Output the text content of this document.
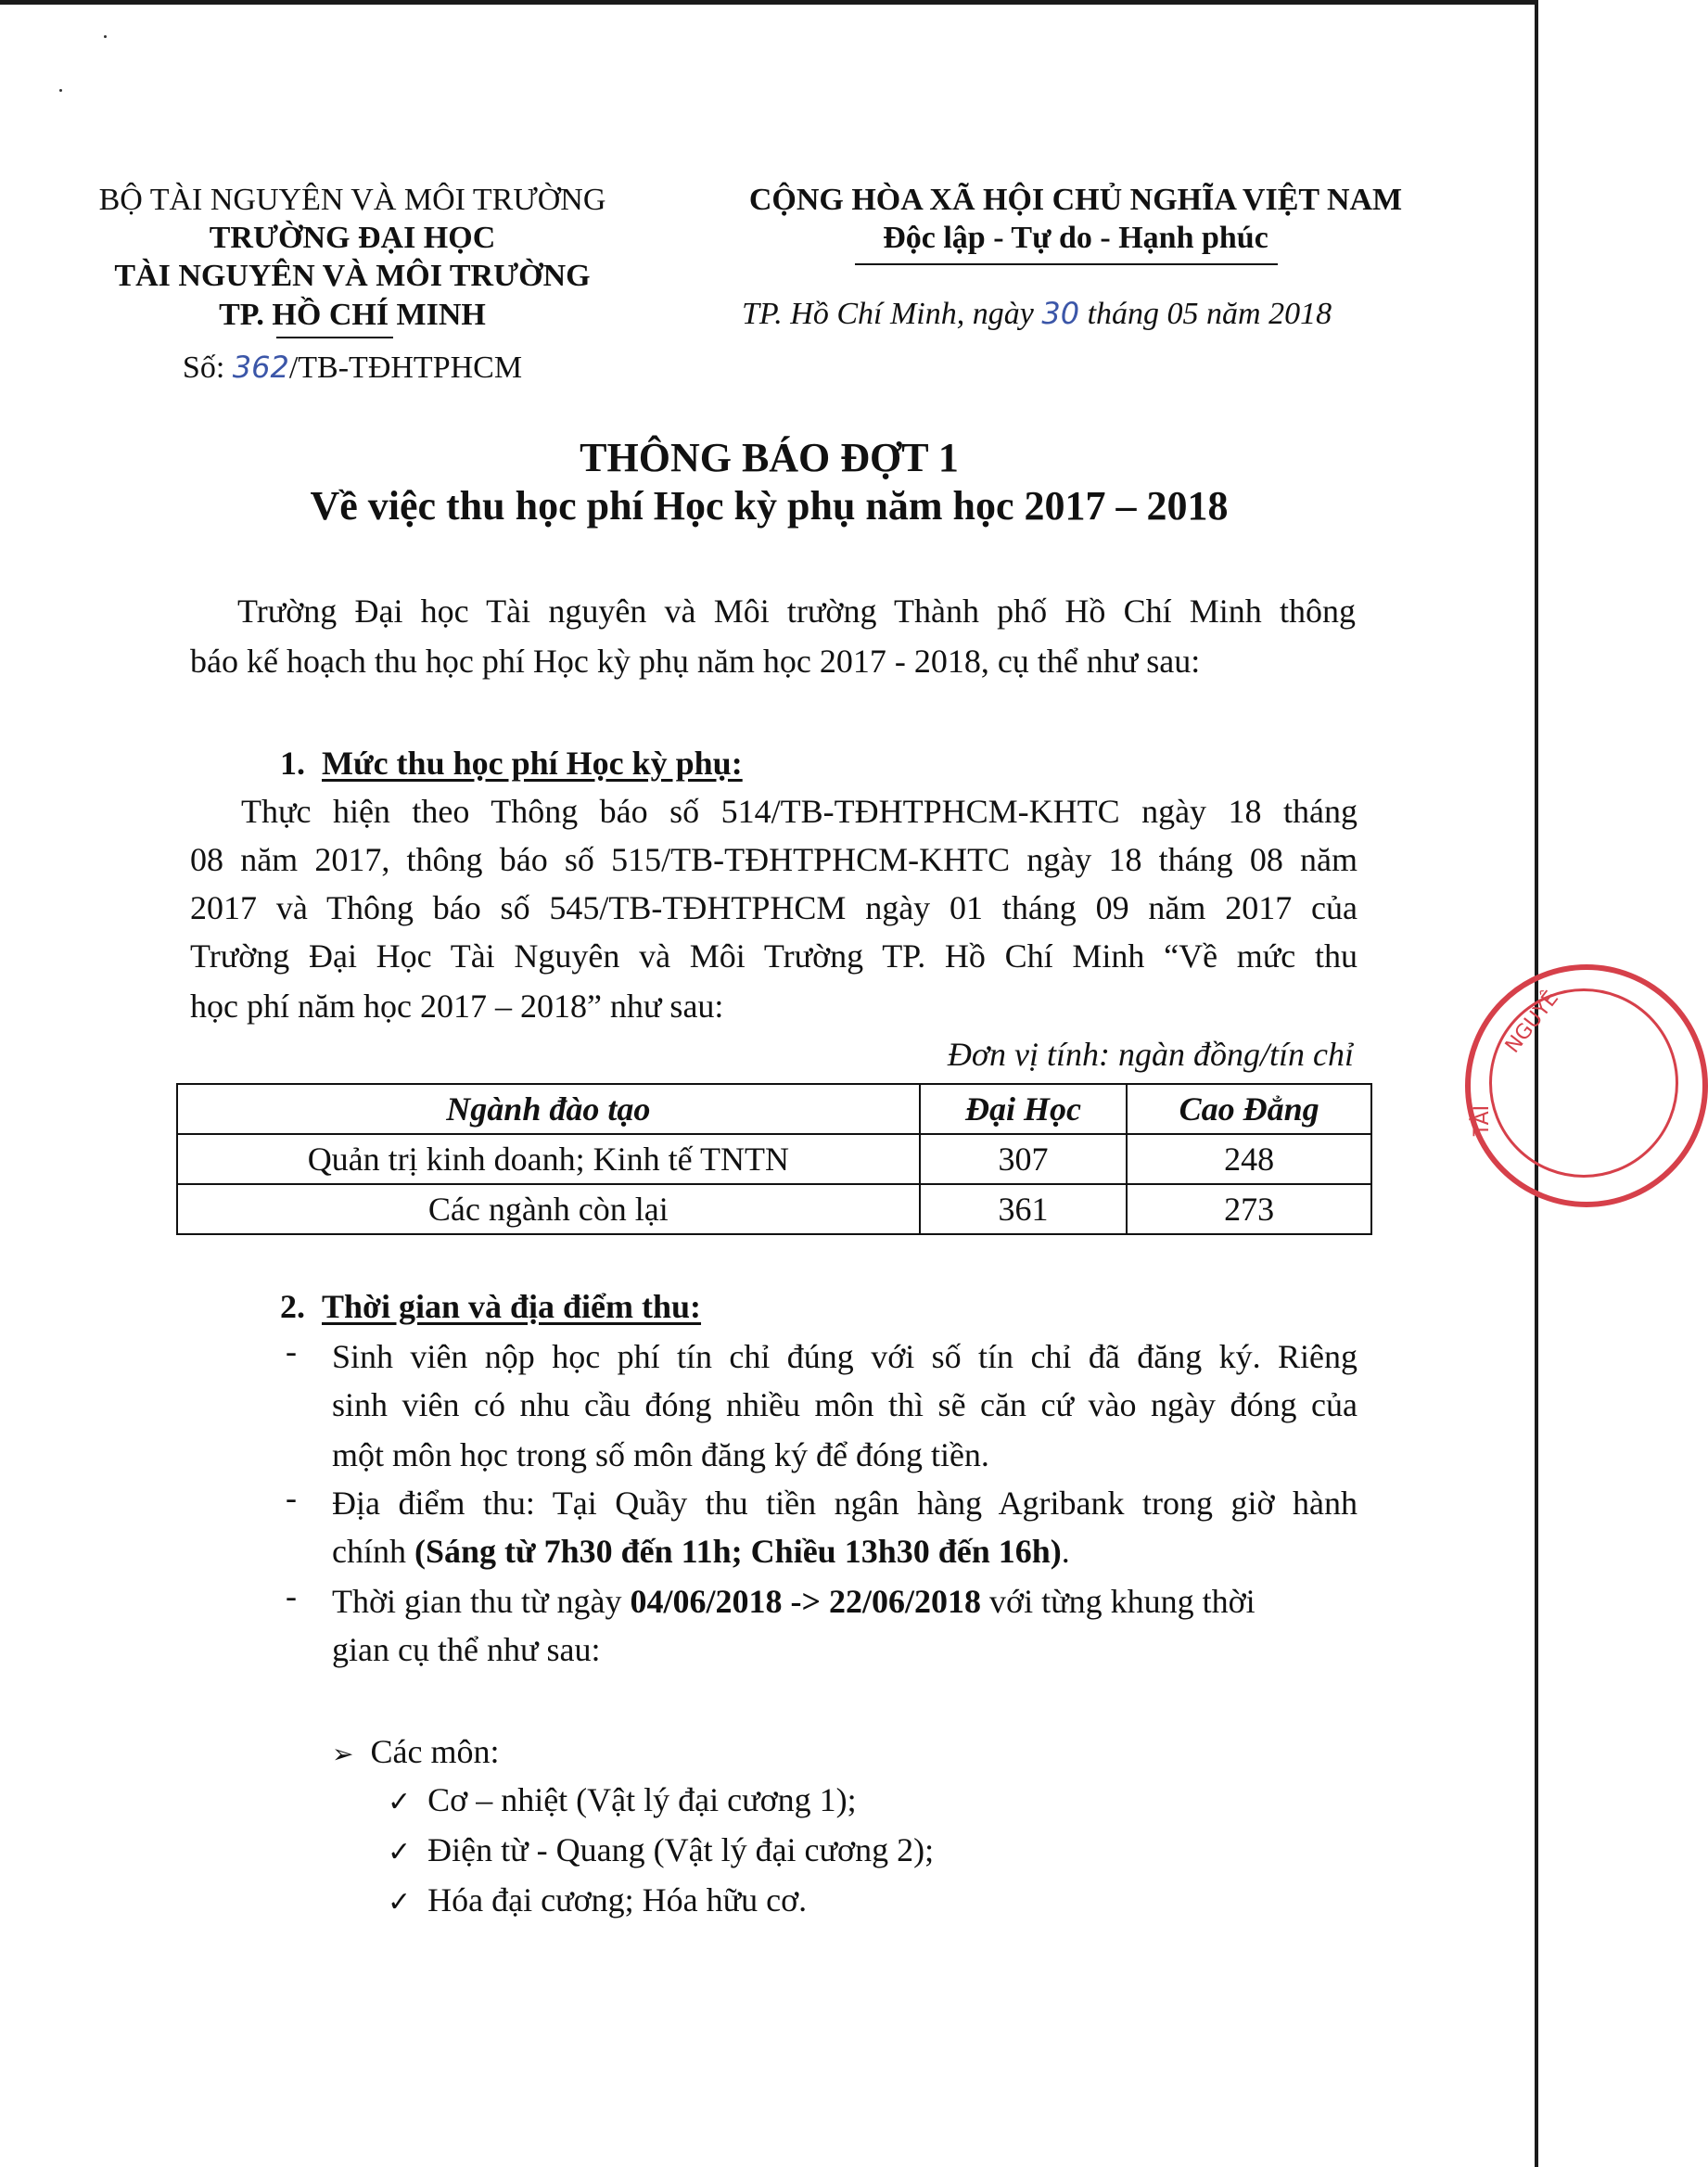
BỘ TÀI NGUYÊN VÀ MÔI TRƯỜNG
TRƯỜNG ĐẠI HỌC
TÀI NGUYÊN VÀ MÔI TRƯỜNG
TP. HỒ CHÍ MINH
Số: 362/TB-TĐHTPHCM
CỘNG HÒA XÃ HỘI CHỦ NGHĨA VIỆT NAM
Độc lập - Tự do - Hạnh phúc
TP. Hồ Chí Minh, ngày 30 tháng 05 năm 2018
THÔNG BÁO ĐỢT 1
Về việc thu học phí Học kỳ phụ năm học 2017 – 2018
Trường Đại học Tài nguyên và Môi trường Thành phố Hồ Chí Minh thông
báo kế hoạch thu học phí Học kỳ phụ năm học 2017 - 2018, cụ thể như sau:
1. Mức thu học phí Học kỳ phụ:
Thực hiện theo Thông báo số 514/TB-TĐHTPHCM-KHTC ngày 18 tháng
08 năm 2017, thông báo số 515/TB-TĐHTPHCM-KHTC ngày 18 tháng 08 năm
2017 và Thông báo số 545/TB-TĐHTPHCM ngày 01 tháng 09 năm 2017 của
Trường Đại Học Tài Nguyên và Môi Trường TP. Hồ Chí Minh “Về mức thu
học phí năm học 2017 – 2018” như sau:
Đơn vị tính: ngàn đồng/tín chỉ
Ngành đào tạo	Đại Học	Cao Đẳng
Quản trị kinh doanh; Kinh tế TNTN	307	248
Các ngành còn lại	361	273
NGUYÊ
TÀI
2. Thời gian và địa điểm thu:
- Sinh viên nộp học phí tín chỉ đúng với số tín chỉ đã đăng ký. Riêng
sinh viên có nhu cầu đóng nhiều môn thì sẽ căn cứ vào ngày đóng của
một môn học trong số môn đăng ký để đóng tiền.
- Địa điểm thu: Tại Quầy thu tiền ngân hàng Agribank trong giờ hành
chính (Sáng từ 7h30 đến 11h; Chiều 13h30 đến 16h).
- Thời gian thu từ ngày 04/06/2018 -> 22/06/2018 với từng khung thời
gian cụ thể như sau:
➢ Các môn:
✓ Cơ – nhiệt (Vật lý đại cương 1);
✓ Điện từ - Quang (Vật lý đại cương 2);
✓ Hóa đại cương; Hóa hữu cơ.
